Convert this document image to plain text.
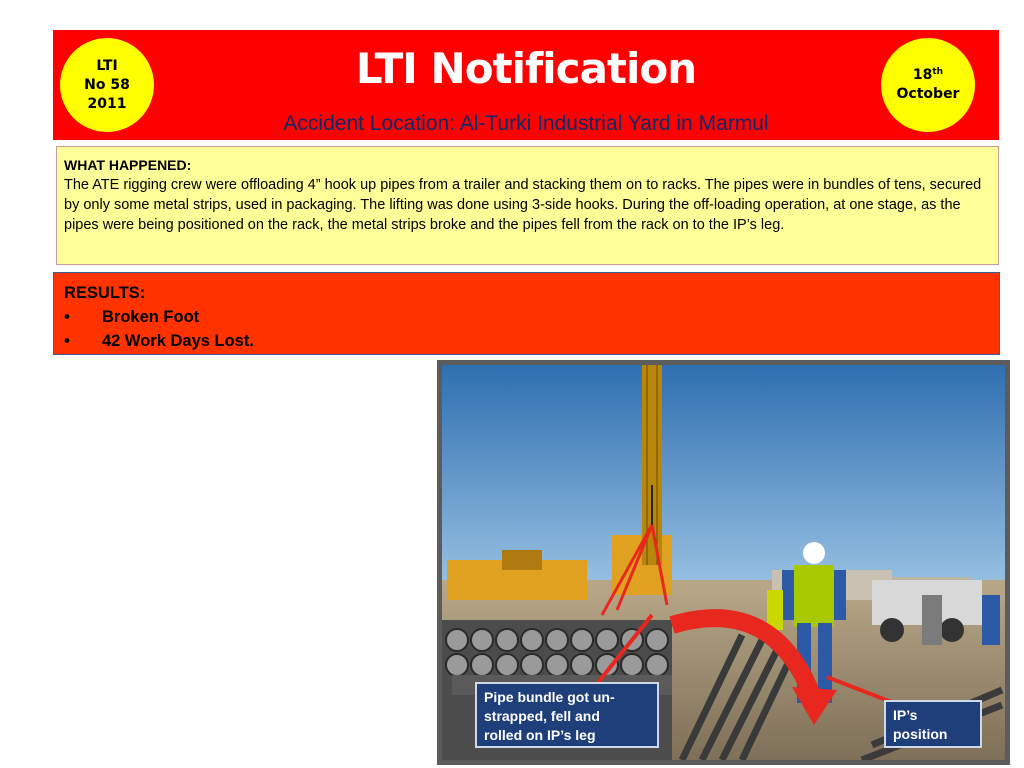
LTI
No 58
2011
LTI Notification
Accident Location: Al-Turki Industrial Yard in Marmul
18th
October
WHAT HAPPENED:
The ATE rigging crew were offloading 4” hook up pipes from a trailer and stacking them on to racks. The pipes were in bundles of tens, secured by only some metal strips, used in packaging. The lifting was done using 3-side hooks. During the off-loading operation, at one stage, as the pipes were being positioned on the rack, the metal strips broke and the pipes fell from the rack on to the IP’s leg.
RESULTS:
•	Broken Foot
•	42 Work Days Lost.
Pipe bundle got un-
strapped, fell and
rolled on IP’s leg
IP’s
position
